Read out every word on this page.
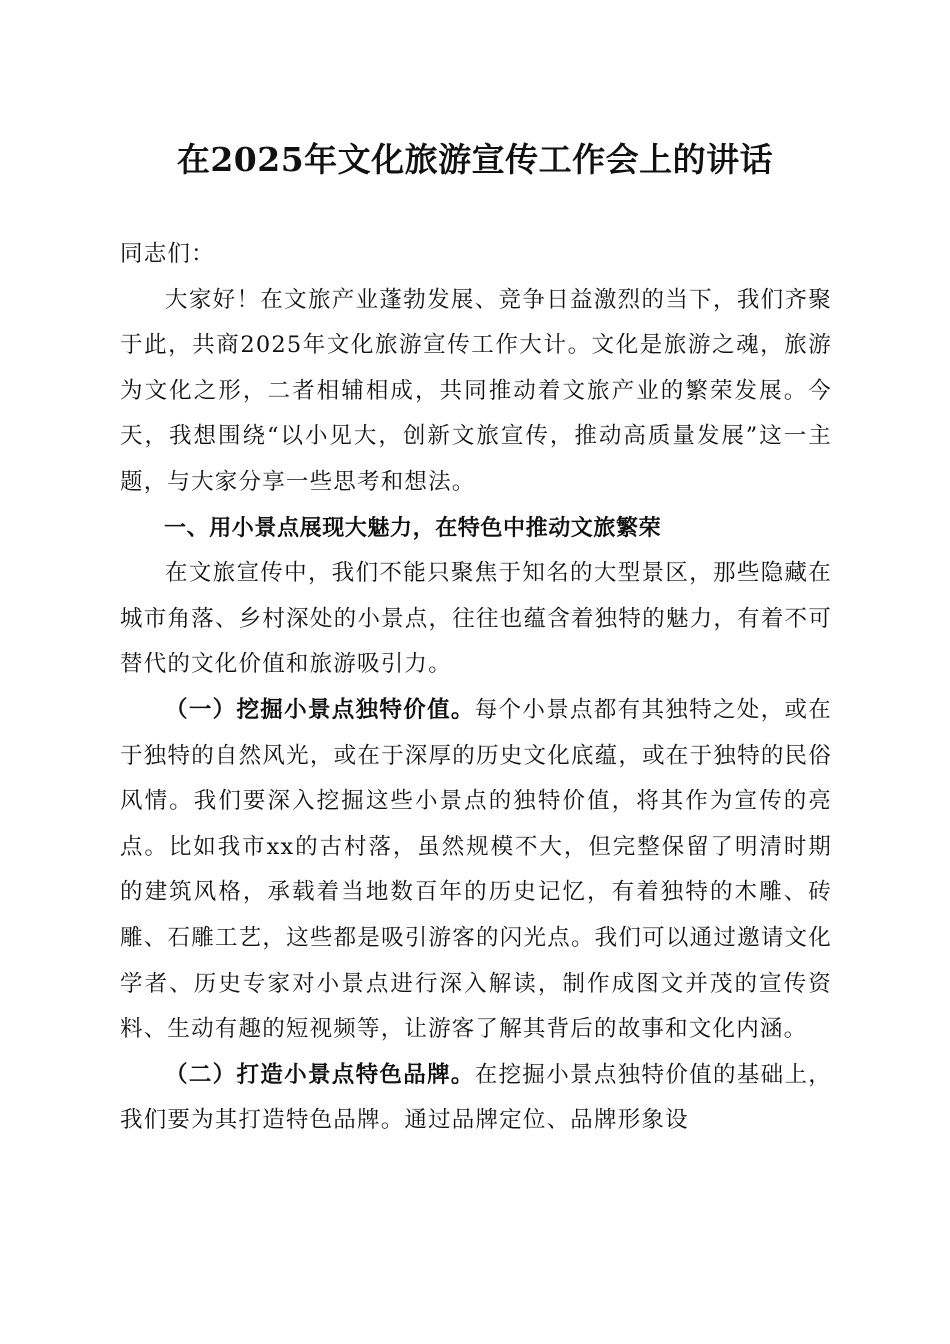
在2025年文化旅游宣传工作会上的讲话

同志们：

大家好！在文旅产业蓬勃发展、竞争日益激烈的当下，我们齐聚于此，共商2025年文化旅游宣传工作大计。文化是旅游之魂，旅游为文化之形，二者相辅相成，共同推动着文旅产业的繁荣发展。今天，我想围绕“以小见大，创新文旅宣传，推动高质量发展”这一主题，与大家分享一些思考和想法。

一、用小景点展现大魅力，在特色中推动文旅繁荣

在文旅宣传中，我们不能只聚焦于知名的大型景区，那些隐藏在城市角落、乡村深处的小景点，往往也蕴含着独特的魅力，有着不可替代的文化价值和旅游吸引力。

（一）挖掘小景点独特价值。每个小景点都有其独特之处，或在于独特的自然风光，或在于深厚的历史文化底蕴，或在于独特的民俗风情。我们要深入挖掘这些小景点的独特价值，将其作为宣传的亮点。比如我市xx的古村落，虽然规模不大，但完整保留了明清时期的建筑风格，承载着当地数百年的历史记忆，有着独特的木雕、砖雕、石雕工艺，这些都是吸引游客的闪光点。我们可以通过邀请文化学者、历史专家对小景点进行深入解读，制作成图文并茂的宣传资料、生动有趣的短视频等，让游客了解其背后的故事和文化内涵。

（二）打造小景点特色品牌。在挖掘小景点独特价值的基础上，我们要为其打造特色品牌。通过品牌定位、品牌形象设
